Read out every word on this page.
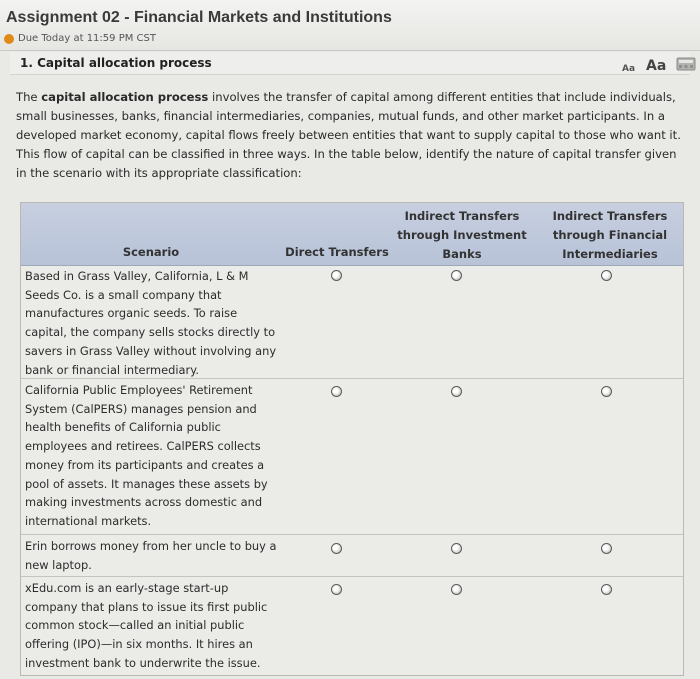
Assignment 02 - Financial Markets and Institutions
Due Today at 11:59 PM CST
1. Capital allocation process	Aa Aa
The capital allocation process involves the transfer of capital among different entities that include individuals, small businesses, banks, financial intermediaries, companies, mutual funds, and other market participants. In a developed market economy, capital flows freely between entities that want to supply capital to those who want it. This flow of capital can be classified in three ways. In the table below, identify the nature of capital transfer given in the scenario with its appropriate classification:
Scenario	Direct Transfers
Indirect Transfers through Investment Banks
Indirect Transfers through Financial Intermediaries
Based in Grass Valley, California, L & M Seeds Co. is a small company that manufactures organic seeds. To raise capital, the company sells stocks directly to savers in Grass Valley without involving any bank or financial intermediary.
California Public Employees' Retirement System (CalPERS) manages pension and health benefits of California public employees and retirees. CalPERS collects money from its participants and creates a pool of assets. It manages these assets by making investments across domestic and international markets.
Erin borrows money from her uncle to buy a new laptop.
xEdu.com is an early-stage start-up company that plans to issue its first public common stock—called an initial public offering (IPO)—in six months. It hires an investment bank to underwrite the issue.
